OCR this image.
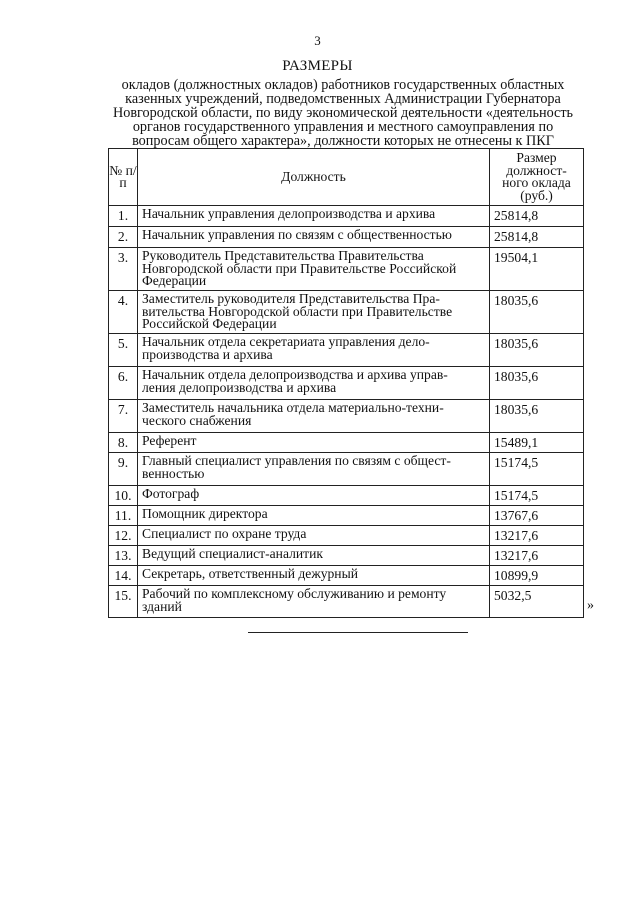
3
РАЗМЕРЫ
окладов (должностных окладов) работников государственных областных
казенных учреждений, подведомственных Администрации Губернатора
Новгородской области, по виду экономической деятельности «деятельность
органов государственного управления и местного самоуправления по
вопросам общего характера», должности которых не отнесены к ПКГ
№ п/п	Должность	Размер
должност-
ного оклада
(руб.)

1.	Начальник управления делопроизводства и архива	25814,8
2.	Начальник управления по связям с общественностью	25814,8
3.	Руководитель Представительства Правительства
Новгородской области при Правительстве Российской
Федерации	19504,1
4.	Заместитель руководителя Представительства Пра-
вительства Новгородской области при Правительстве
Российской Федерации	18035,6
5.	Начальник отдела секретариата управления дело-
производства и архива	18035,6
6.	Начальник отдела делопроизводства и архива управ-
ления делопроизводства и архива	18035,6
7.	Заместитель начальника отдела материально-техни-
ческого снабжения	18035,6
8.	Референт	15489,1
9.	Главный специалист управления по связям с общест-
венностью	15174,5
10.	Фотограф	15174,5
11.	Помощник директора	13767,6
12.	Специалист по охране труда	13217,6
13.	Ведущий специалист-аналитик	13217,6
14.	Секретарь, ответственный дежурный	10899,9
15.	Рабочий по комплексному обслуживанию и ремонту
зданий	5032,5
»
